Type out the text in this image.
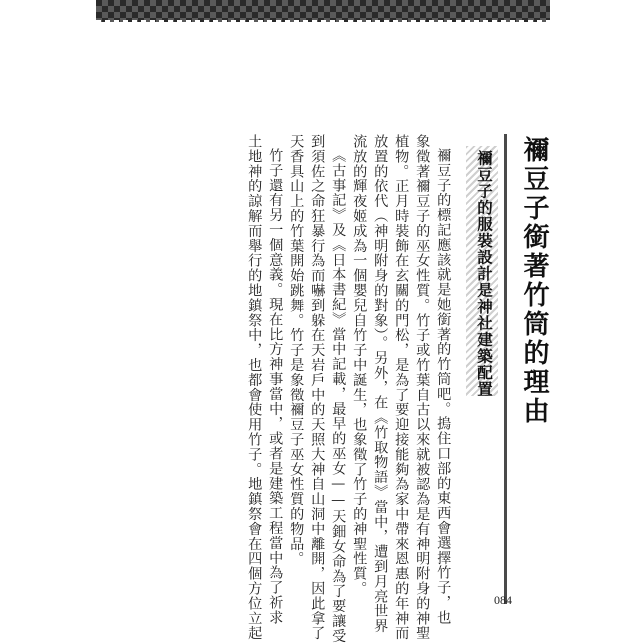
禰豆子銜著竹筒的理由
禰豆子的服裝設計是神社建築配置
禰豆子的標記應該就是她銜著的竹筒吧。摀住口部的東西會選擇竹子，也
象徵著禰豆子的巫女性質。竹子或竹葉自古以來就被認為是有神明附身的神聖
植物。正月時裝飾在玄關的門松，是為了要迎接能夠為家中帶來恩惠的年神而
放置的依代（神明附身的對象）。另外，在《竹取物語》當中，遭到月亮世界
流放的輝夜姬成為一個嬰兒自竹子中誕生，也象徵了竹子的神聖性質。
《古事記》及《日本書紀》當中記載，最早的巫女——天鈿女命為了要讓受
到須佐之命狂暴行為而嚇到躲在天岩戶中的天照大神自山洞中離開，因此拿了
天香具山上的竹葉開始跳舞。竹子是象徵禰豆子巫女性質的物品。
竹子還有另一個意義。現在比方神事當中，或者是建築工程當中為了祈求
土地神的諒解而舉行的地鎮祭中，也都會使用竹子。地鎮祭會在四個方位立起	084
